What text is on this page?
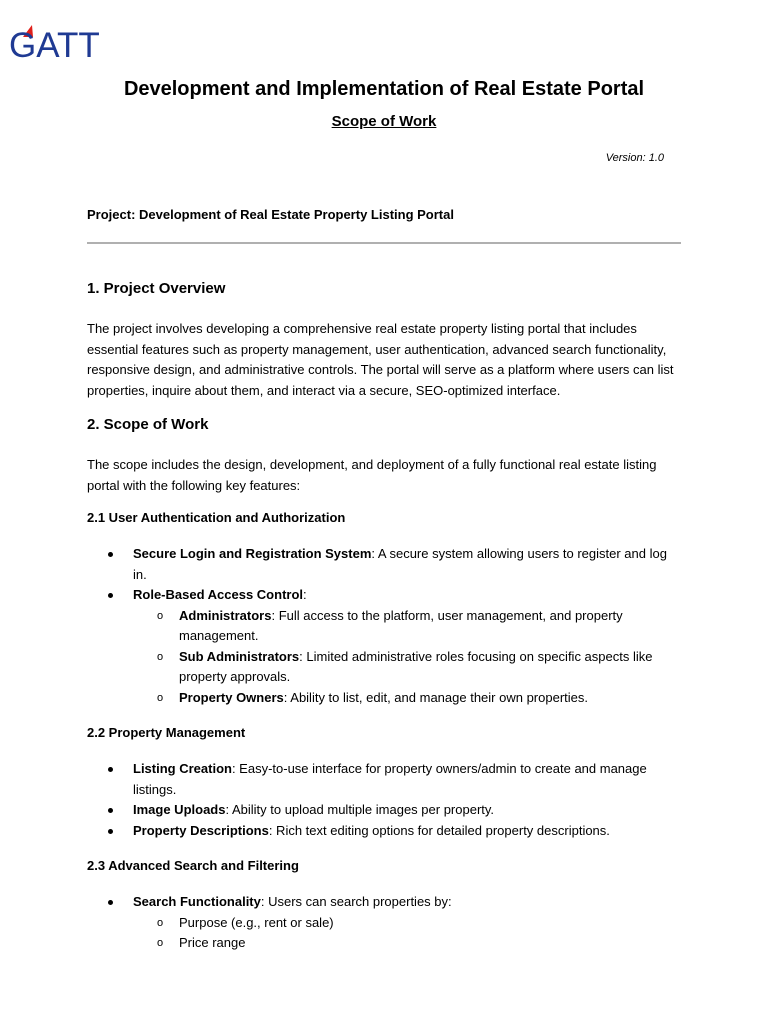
GATT
Development and Implementation of Real Estate Portal
Scope of Work
Version: 1.0
Project: Development of Real Estate Property Listing Portal
1. Project Overview

The project involves developing a comprehensive real estate property listing portal that includes essential features such as property management, user authentication, advanced search functionality, responsive design, and administrative controls. The portal will serve as a platform where users can list properties, inquire about them, and interact via a secure, SEO-optimized interface.

2. Scope of Work

The scope includes the design, development, and deployment of a fully functional real estate listing portal with the following key features:

2.1 User Authentication and Authorization
Secure Login and Registration System: A secure system allowing users to register and log in.
Role-Based Access Control:
o Administrators: Full access to the platform, user management, and property management.
o Sub Administrators: Limited administrative roles focusing on specific aspects like property approvals.
o Property Owners: Ability to list, edit, and manage their own properties.
2.2 Property Management
Listing Creation: Easy-to-use interface for property owners/admin to create and manage listings.
Image Uploads: Ability to upload multiple images per property.
Property Descriptions: Rich text editing options for detailed property descriptions.
2.3 Advanced Search and Filtering
Search Functionality: Users can search properties by:
o Purpose (e.g., rent or sale)
o Price range
